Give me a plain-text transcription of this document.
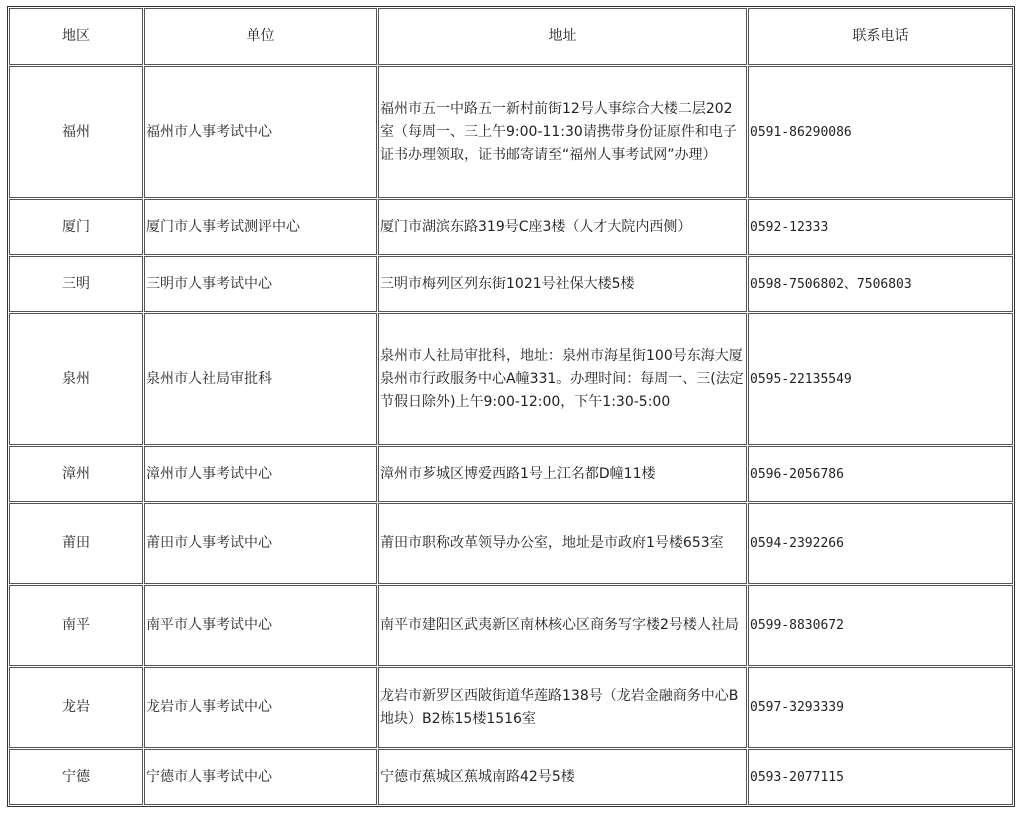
地区	单位	地址	联系电话
福州	福州市人事考试中心	福州市五一中路五一新村前街12号人事综合大楼二层202室（每周一、三上午9:00-11:30请携带身份证原件和电子证书办理领取，证书邮寄请至“福州人事考试网”办理）	0591-86290086
厦门	厦门市人事考试测评中心	厦门市湖滨东路319号C座3楼（人才大院内西侧）	0592-12333
三明	三明市人事考试中心	三明市梅列区列东街1021号社保大楼5楼	0598-7506802、7506803
泉州	泉州市人社局审批科	泉州市人社局审批科，地址：泉州市海星街100号东海大厦泉州市行政服务中心A幢331。办理时间：每周一、三(法定节假日除外)上午9:00-12:00，下午1:30-5:00	0595-22135549
漳州	漳州市人事考试中心	漳州市芗城区博爱西路1号上江名都D幢11楼	0596-2056786
莆田	莆田市人事考试中心	莆田市职称改革领导办公室，地址是市政府1号楼653室	0594-2392266
南平	南平市人事考试中心	南平市建阳区武夷新区南林核心区商务写字楼2号楼人社局	0599-8830672
龙岩	龙岩市人事考试中心	龙岩市新罗区西陂街道华莲路138号（龙岩金融商务中心B地块）B2栋15楼1516室	0597-3293339
宁德	宁德市人事考试中心	宁德市蕉城区蕉城南路42号5楼	0593-2077115
